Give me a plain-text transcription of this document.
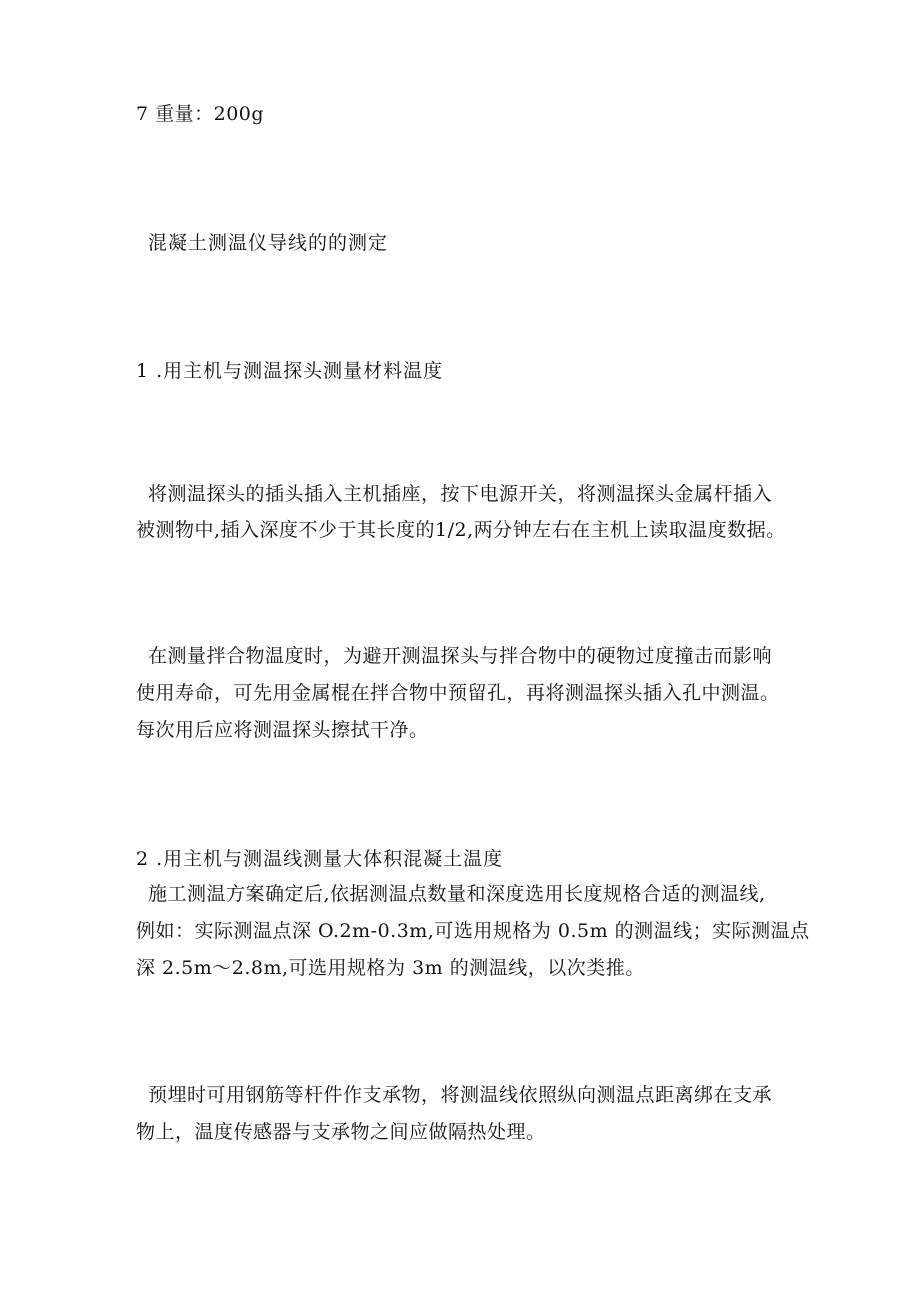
7 重量：200g
混凝土测温仪导线的的测定
1 .用主机与测温探头测量材料温度
将测温探头的插头插入主机插座，按下电源开关，将测温探头金属杆插入
被测物中,插入深度不少于其长度的1/2,两分钟左右在主机上读取温度数据。
在测量拌合物温度时，为避开测温探头与拌合物中的硬物过度撞击而影响
使用寿命，可先用金属棍在拌合物中预留孔，再将测温探头插入孔中测温。
每次用后应将测温探头擦拭干净。
2 .用主机与测温线测量大体积混凝土温度
施工测温方案确定后,依据测温点数量和深度选用长度规格合适的测温线,
例如：实际测温点深 O.2m-0.3m,可选用规格为 0.5m 的测温线；实际测温点
深 2.5m～2.8m,可选用规格为 3m 的测温线，以次类推。
预埋时可用钢筋等杆件作支承物，将测温线依照纵向测温点距离绑在支承
物上，温度传感器与支承物之间应做隔热处理。
